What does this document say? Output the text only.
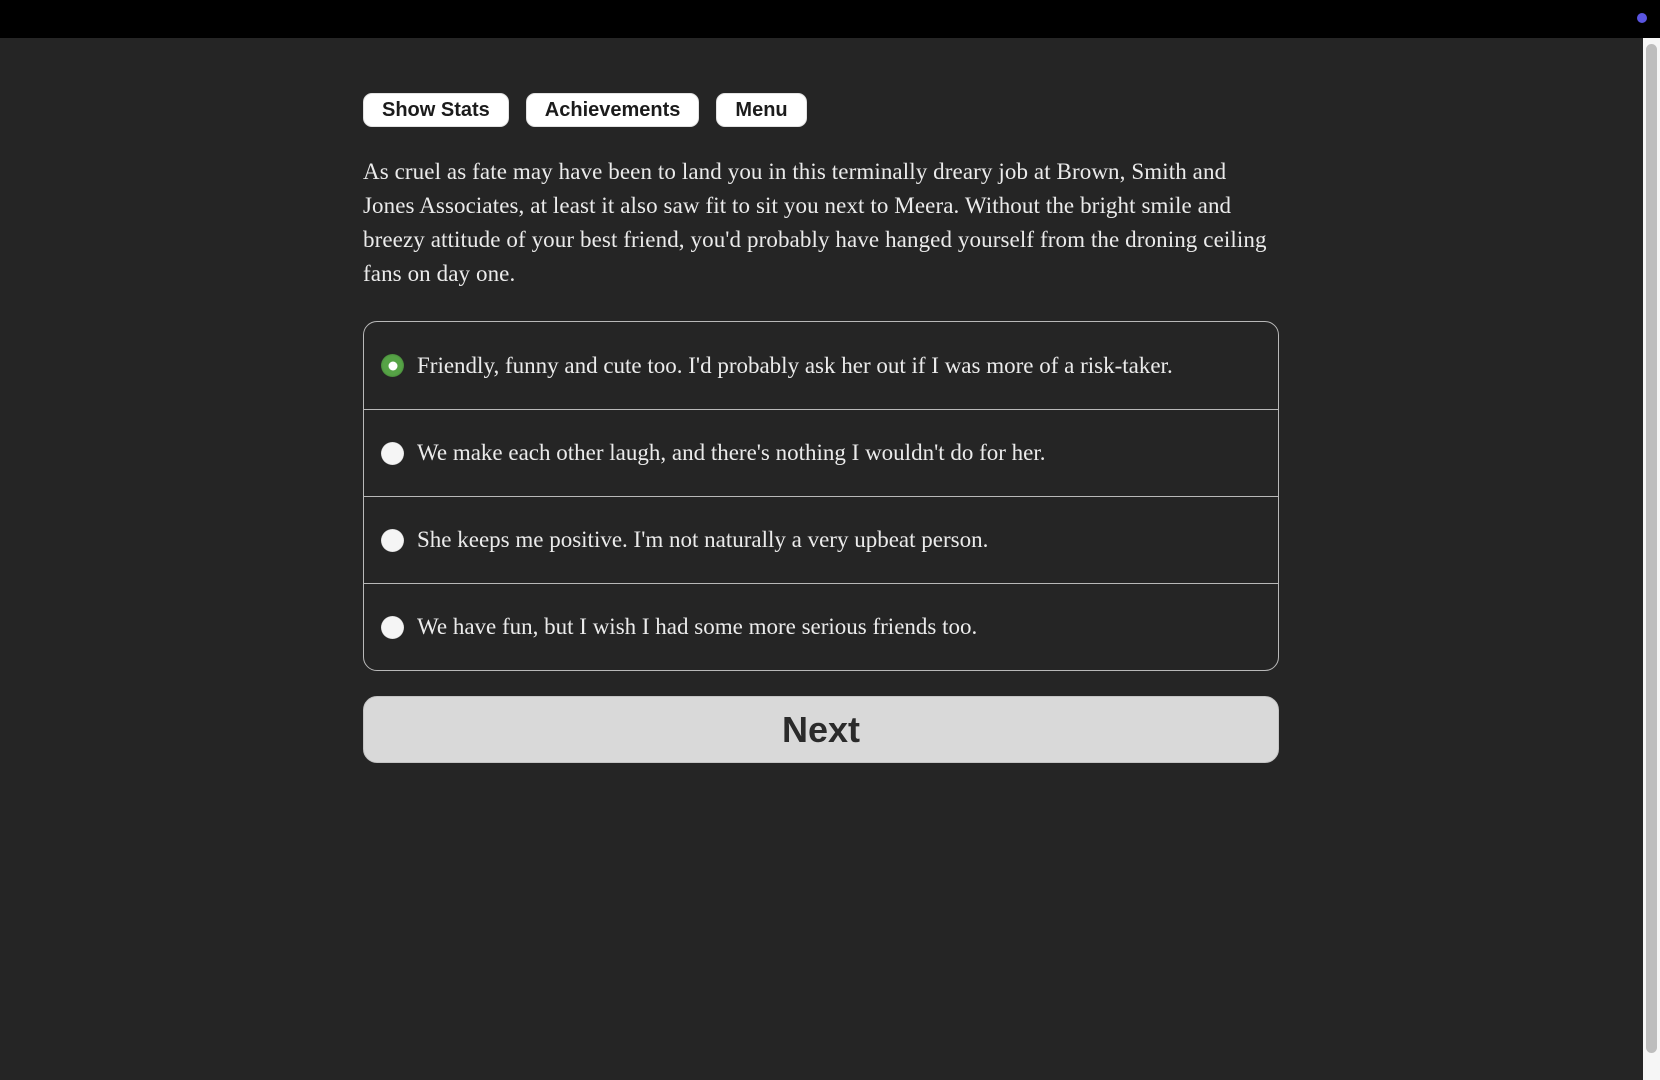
Show Stats	Achievements	Menu

As cruel as fate may have been to land you in this terminally dreary job at Brown, Smith and Jones Associates, at least it also saw fit to sit you next to Meera. Without the bright smile and breezy attitude of your best friend, you'd probably have hanged yourself from the droning ceiling fans on day one.

Friendly, funny and cute too. I'd probably ask her out if I was more of a risk-taker.
We make each other laugh, and there's nothing I wouldn't do for her.
She keeps me positive. I'm not naturally a very upbeat person.
We have fun, but I wish I had some more serious friends too.
Next
